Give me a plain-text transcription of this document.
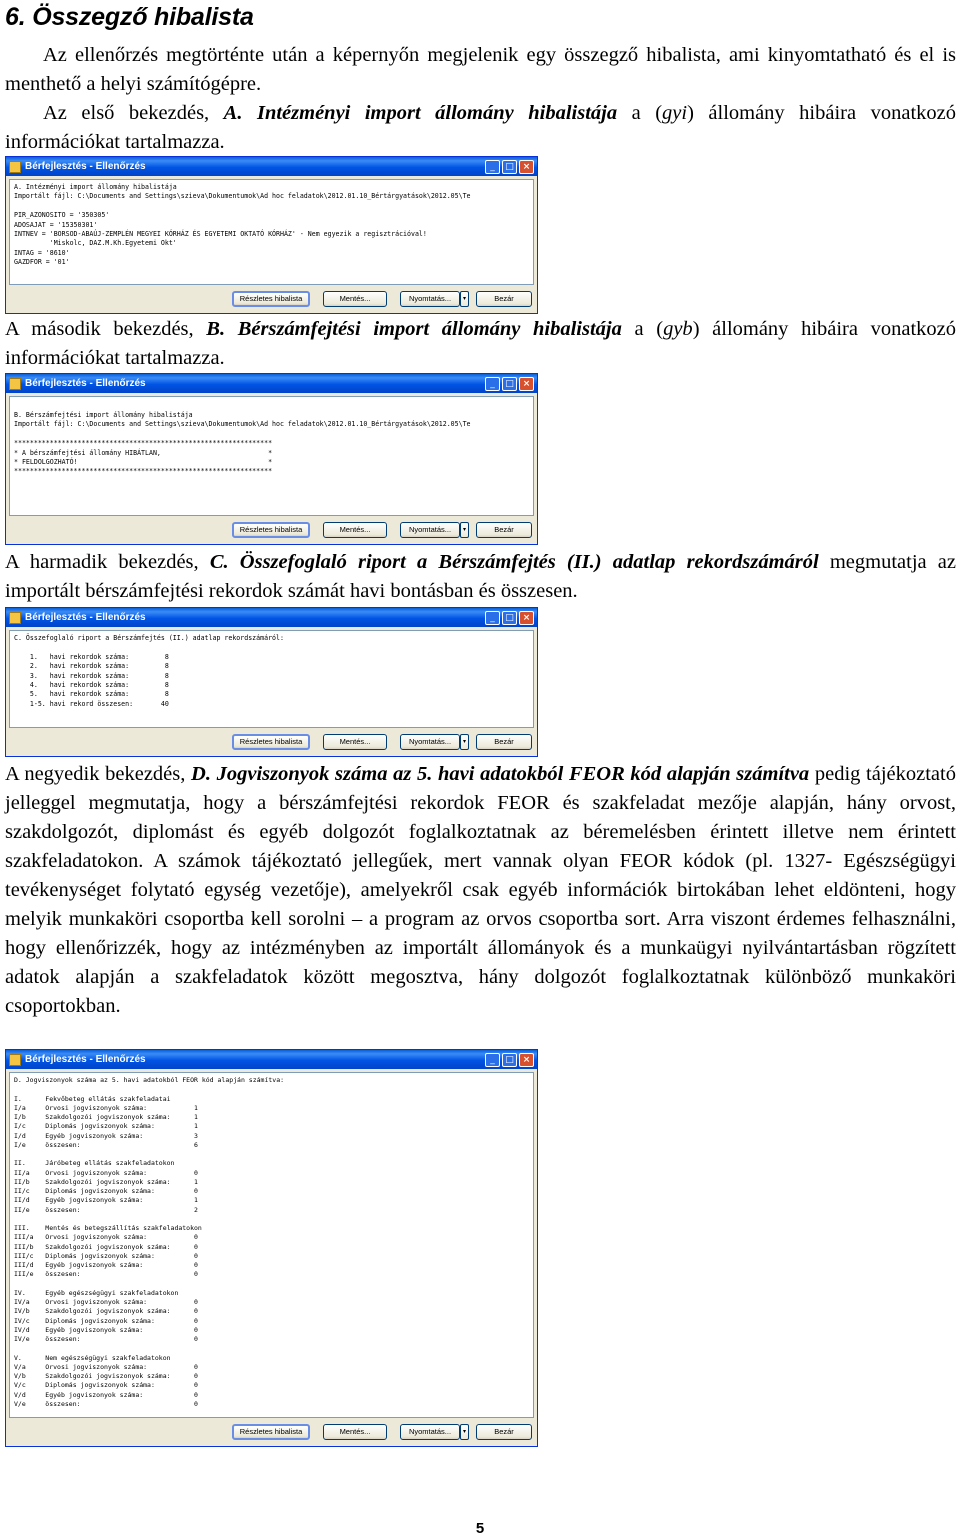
6. Összegző hibalista

Az ellenőrzés megtörténte után a képernyőn megjelenik egy összegző hibalista, ami kinyomtatható és el is menthető a helyi számítógépre.

Az első bekezdés, A. Intézményi import állomány hibalistája a (gyi) állomány hibáira vonatkozó információkat tartalmazza.

Bérfejlesztés - Ellenőrzés	_	□ ×
A. Intézményi import állomány hibalistája
Importált fájl: C:\Documents and Settings\szieva\Dokumentumok\Ad hoc feladatok\2012.01.10_Bértárgyatások\2012.05\Te

PIR_AZONOSITO = '350305'
ADOSAJAT = '15350301'
INTNEV = 'BORSOD-ABAÚJ-ZEMPLÉN MEGYEI KÓRHÁZ ÉS EGYETEMI OKTATÓ KÓRHÁZ' - Nem egyezik a regisztrációval!
'Miskolc, DAZ.M.Kh.Egyetemi Okt'
INTAG = '8610'
GAZDFOR = '01'
Részletes hibalista	Mentés...	Nyomtatás...	▾	Bezár

A második bekezdés, B. Bérszámfejtési import állomány hibalistája a (gyb) állomány hibáira vonatkozó információkat tartalmazza.

Bérfejlesztés - Ellenőrzés	_	□ ×
B. Bérszámfejtési import állomány hibalistája
Importált fájl: C:\Documents and Settings\szieva\Dokumentumok\Ad hoc feladatok\2012.01.10_Bértárgyatások\2012.05\Te

*****************************************************************
* A bérszámfejtési állomány HIBÁTLAN,                           *
* FELDOLGOZHATÓ!                                                *
*****************************************************************
Részletes hibalista	Mentés...	Nyomtatás...	▾	Bezár

A harmadik bekezdés, C. Összefoglaló riport a Bérszámfejtés (II.) adatlap rekordszámáról megmutatja az importált bérszámfejtési rekordok számát havi bontásban és összesen.

Bérfejlesztés - Ellenőrzés	_	□ ×
C. Összefoglaló riport a Bérszámfejtés (II.) adatlap rekordszámáról:

1.   havi rekordok száma:         8
2.   havi rekordok száma:         8
3.   havi rekordok száma:         8
4.   havi rekordok száma:         8
5.   havi rekordok száma:         8
1-5. havi rekord összesen:       40
Részletes hibalista	Mentés...	Nyomtatás...	▾	Bezár

A negyedik bekezdés, D. Jogviszonyok száma az 5. havi adatokból FEOR kód alapján számítva pedig tájékoztató jelleggel megmutatja, hogy a bérszámfejtési rekordok FEOR és szakfeladat mezője alapján, hány orvost, szakdolgozót, diplomást és egyéb dolgozót foglalkoztatnak az béremelésben érintett illetve nem érintett szakfeladatokon. A számok tájékoztató jellegűek, mert vannak olyan FEOR kódok (pl. 1327- Egészségügyi tevékenységet folytató egység vezetője), amelyekről csak egyéb információk birtokában lehet eldönteni, hogy melyik munkaköri csoportba kell sorolni – a program az orvos csoportba sort. Arra viszont érdemes felhasználni, hogy ellenőrizzék, hogy az intézményben az importált állományok és a munkaügyi nyilvántartásban rögzített adatok alapján a szakfeladatok között megosztva, hány dolgozót foglalkoztatnak különböző munkaköri csoportokban.

Bérfejlesztés - Ellenőrzés	_	□ ×
D. Jogviszonyok száma az 5. havi adatokból FEOR kód alapján számítva:

I.      Fekvőbeteg ellátás szakfeladatai
I/a     Orvosi jogviszonyok száma:            1
I/b     Szakdolgozói jogviszonyok száma:      1
I/c     Diplomás jogviszonyok száma:          1
I/d     Egyéb jogviszonyok száma:             3
I/e     összesen:                             6

II.     Járóbeteg ellátás szakfeladatokon
II/a    Orvosi jogviszonyok száma:            0
II/b    Szakdolgozói jogviszonyok száma:      1
II/c    Diplomás jogviszonyok száma:          0
II/d    Egyéb jogviszonyok száma:             1
II/e    összesen:                             2

III.    Mentés és betegszállítás szakfeladatokon
III/a   Orvosi jogviszonyok száma:            0
III/b   Szakdolgozói jogviszonyok száma:      0
III/c   Diplomás jogviszonyok száma:          0
III/d   Egyéb jogviszonyok száma:             0
III/e   összesen:                             0

IV.     Egyéb egészségügyi szakfeladatokon
IV/a    Orvosi jogviszonyok száma:            0
IV/b    Szakdolgozói jogviszonyok száma:      0
IV/c    Diplomás jogviszonyok száma:          0
IV/d    Egyéb jogviszonyok száma:             0
IV/e    összesen:                             0

V.      Nem egészségügyi szakfeladatokon
V/a     Orvosi jogviszonyok száma:            0
V/b     Szakdolgozói jogviszonyok száma:      0
V/c     Diplomás jogviszonyok száma:          0
V/d     Egyéb jogviszonyok száma:             0
V/e     összesen:                             0
Részletes hibalista	Mentés...	Nyomtatás...	▾	Bezár

5
